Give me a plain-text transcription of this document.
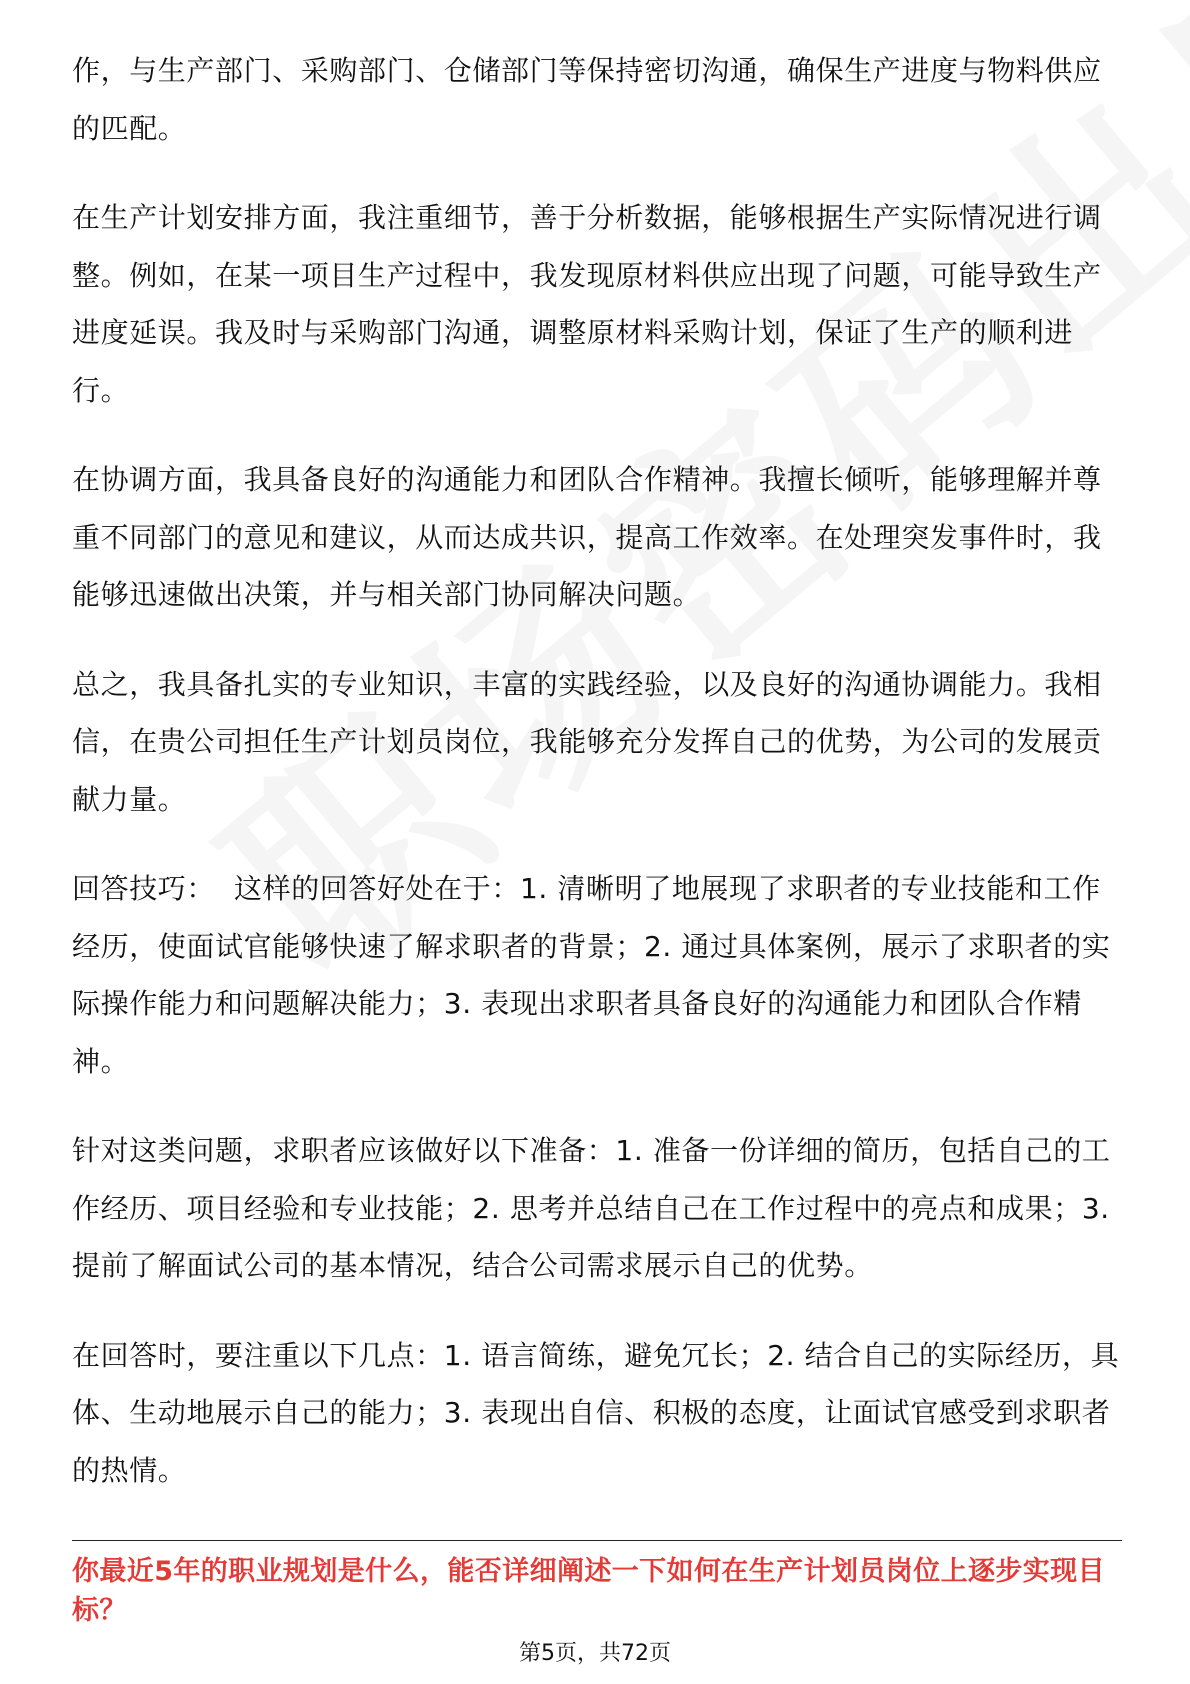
作，与生产部门、采购部门、仓储部门等保持密切沟通，确保生产进度与物料供应的匹配。

在生产计划安排方面，我注重细节，善于分析数据，能够根据生产实际情况进行调整。例如，在某一项目生产过程中，我发现原材料供应出现了问题，可能导致生产进度延误。我及时与采购部门沟通，调整原材料采购计划，保证了生产的顺利进行。

在协调方面，我具备良好的沟通能力和团队合作精神。我擅长倾听，能够理解并尊重不同部门的意见和建议，从而达成共识，提高工作效率。在处理突发事件时，我能够迅速做出决策，并与相关部门协同解决问题。

总之，我具备扎实的专业知识，丰富的实践经验，以及良好的沟通协调能力。我相信，在贵公司担任生产计划员岗位，我能够充分发挥自己的优势，为公司的发展贡献力量。

回答技巧：  这样的回答好处在于：1. 清晰明了地展现了求职者的专业技能和工作经历，使面试官能够快速了解求职者的背景；2. 通过具体案例，展示了求职者的实际操作能力和问题解决能力；3. 表现出求职者具备良好的沟通能力和团队合作精神。

针对这类问题，求职者应该做好以下准备：1. 准备一份详细的简历，包括自己的工作经历、项目经验和专业技能；2. 思考并总结自己在工作过程中的亮点和成果；3. 提前了解面试公司的基本情况，结合公司需求展示自己的优势。

在回答时，要注重以下几点：1. 语言简练，避免冗长；2. 结合自己的实际经历，具体、生动地展示自己的能力；3. 表现出自信、积极的态度，让面试官感受到求职者的热情。

你最近5年的职业规划是什么，能否详细阐述一下如何在生产计划员岗位上逐步实现目标？

第5页，共72页
